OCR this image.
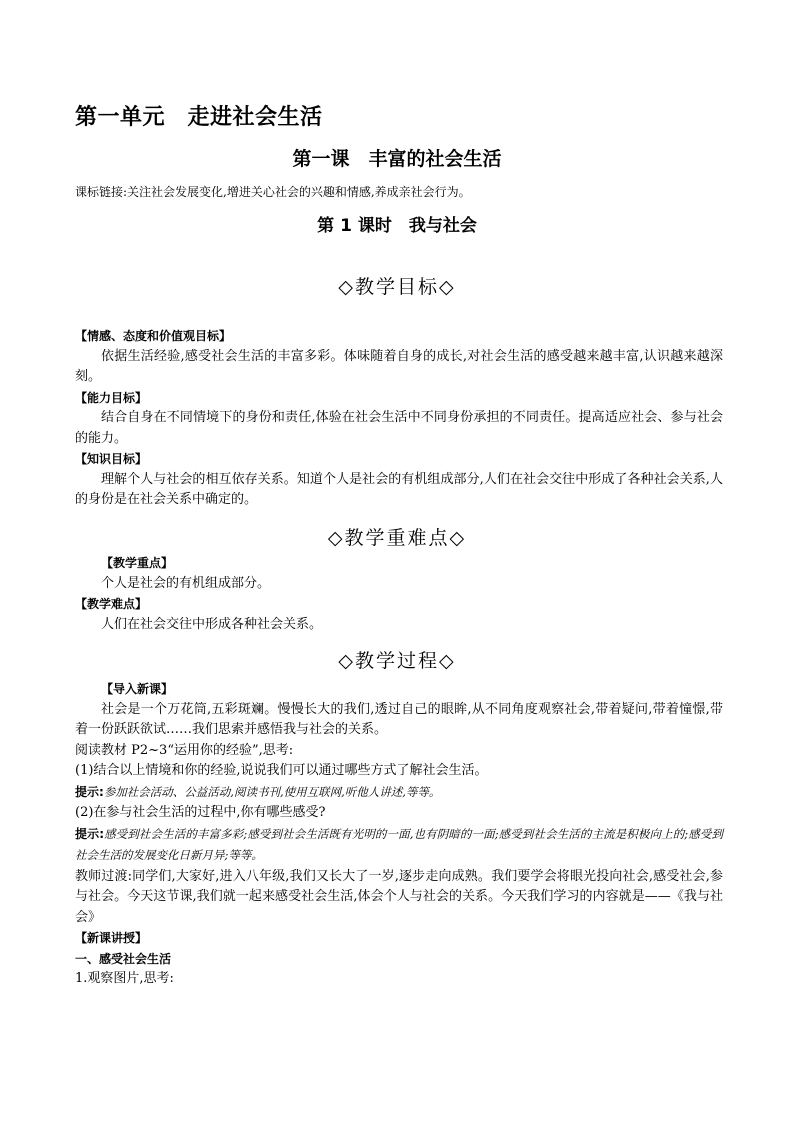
第一单元　走进社会生活
第一课　丰富的社会生活
课标链接:关注社会发展变化,增进关心社会的兴趣和情感,养成亲社会行为。
第 1 课时　我与社会
◇教学目标◇

【情感、态度和价值观目标】

依据生活经验,感受社会生活的丰富多彩。体味随着自身的成长,对社会生活的感受越来越丰富,认识越来越深刻。

【能力目标】

结合自身在不同情境下的身份和责任,体验在社会生活中不同身份承担的不同责任。提高适应社会、参与社会的能力。

【知识目标】

理解个人与社会的相互依存关系。知道个人是社会的有机组成部分,人们在社会交往中形成了各种社会关系,人的身份是在社会关系中确定的。

◇教学重难点◇

【教学重点】

个人是社会的有机组成部分。

【教学难点】

人们在社会交往中形成各种社会关系。

◇教学过程◇

【导入新课】

社会是一个万花筒,五彩斑斓。慢慢长大的我们,透过自己的眼眸,从不同角度观察社会,带着疑问,带着憧憬,带着一份跃跃欲试……我们思索并感悟我与社会的关系。

阅读教材 P2~3“运用你的经验”,思考:

(1)结合以上情境和你的经验,说说我们可以通过哪些方式了解社会生活。

提示:参加社会活动、公益活动,阅读书刊,使用互联网,听他人讲述,等等。

(2)在参与社会生活的过程中,你有哪些感受?

提示:感受到社会生活的丰富多彩;感受到社会生活既有光明的一面,也有阴暗的一面;感受到社会生活的主流是积极向上的;感受到社会生活的发展变化日新月异;等等。

教师过渡:同学们,大家好,进入八年级,我们又长大了一岁,逐步走向成熟。我们要学会将眼光投向社会,感受社会,参与社会。今天这节课,我们就一起来感受社会生活,体会个人与社会的关系。今天我们学习的内容就是——《我与社会》

【新课讲授】

一、感受社会生活

1.观察图片,思考:
